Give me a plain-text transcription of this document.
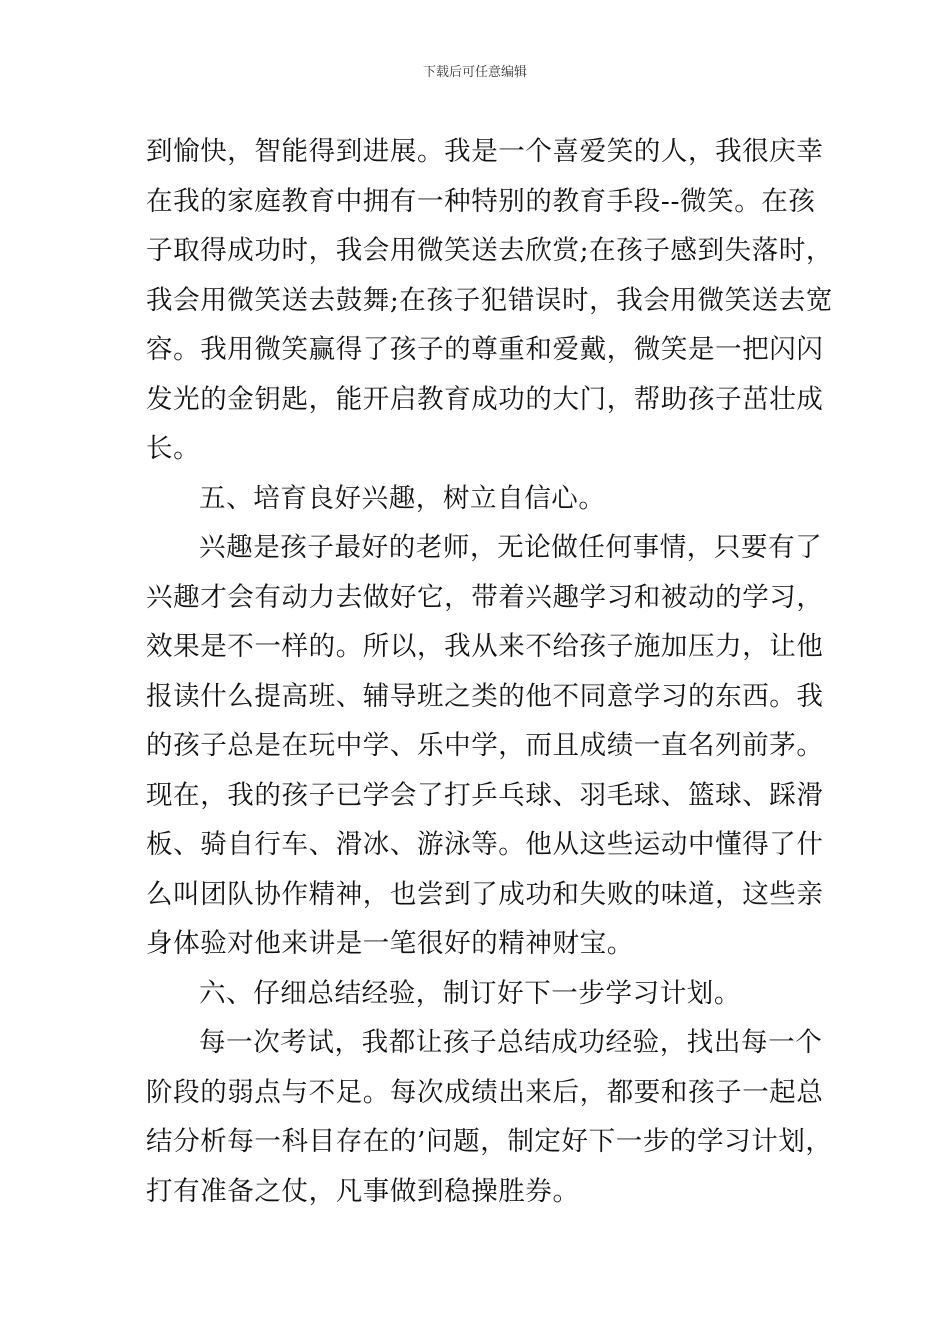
下载后可任意编辑
到愉快，智能得到进展。我是一个喜爱笑的人，我很庆幸
在我的家庭教育中拥有一种特别的教育手段--微笑。在孩
子取得成功时，我会用微笑送去欣赏;在孩子感到失落时，
我会用微笑送去鼓舞;在孩子犯错误时，我会用微笑送去宽
容。我用微笑赢得了孩子的尊重和爱戴，微笑是一把闪闪
发光的金钥匙，能开启教育成功的大门，帮助孩子茁壮成
长。
五、培育良好兴趣，树立自信心。
兴趣是孩子最好的老师，无论做任何事情，只要有了
兴趣才会有动力去做好它，带着兴趣学习和被动的学习，
效果是不一样的。所以，我从来不给孩子施加压力，让他
报读什么提高班、辅导班之类的他不同意学习的东西。我
的孩子总是在玩中学、乐中学，而且成绩一直名列前茅。
现在，我的孩子已学会了打乒乓球、羽毛球、篮球、踩滑
板、骑自行车、滑冰、游泳等。他从这些运动中懂得了什
么叫团队协作精神，也尝到了成功和失败的味道，这些亲
身体验对他来讲是一笔很好的精神财宝。
六、仔细总结经验，制订好下一步学习计划。
每一次考试，我都让孩子总结成功经验，找出每一个
阶段的弱点与不足。每次成绩出来后，都要和孩子一起总
结分析每一科目存在的’问题，制定好下一步的学习计划，
打有准备之仗，凡事做到稳操胜券。
